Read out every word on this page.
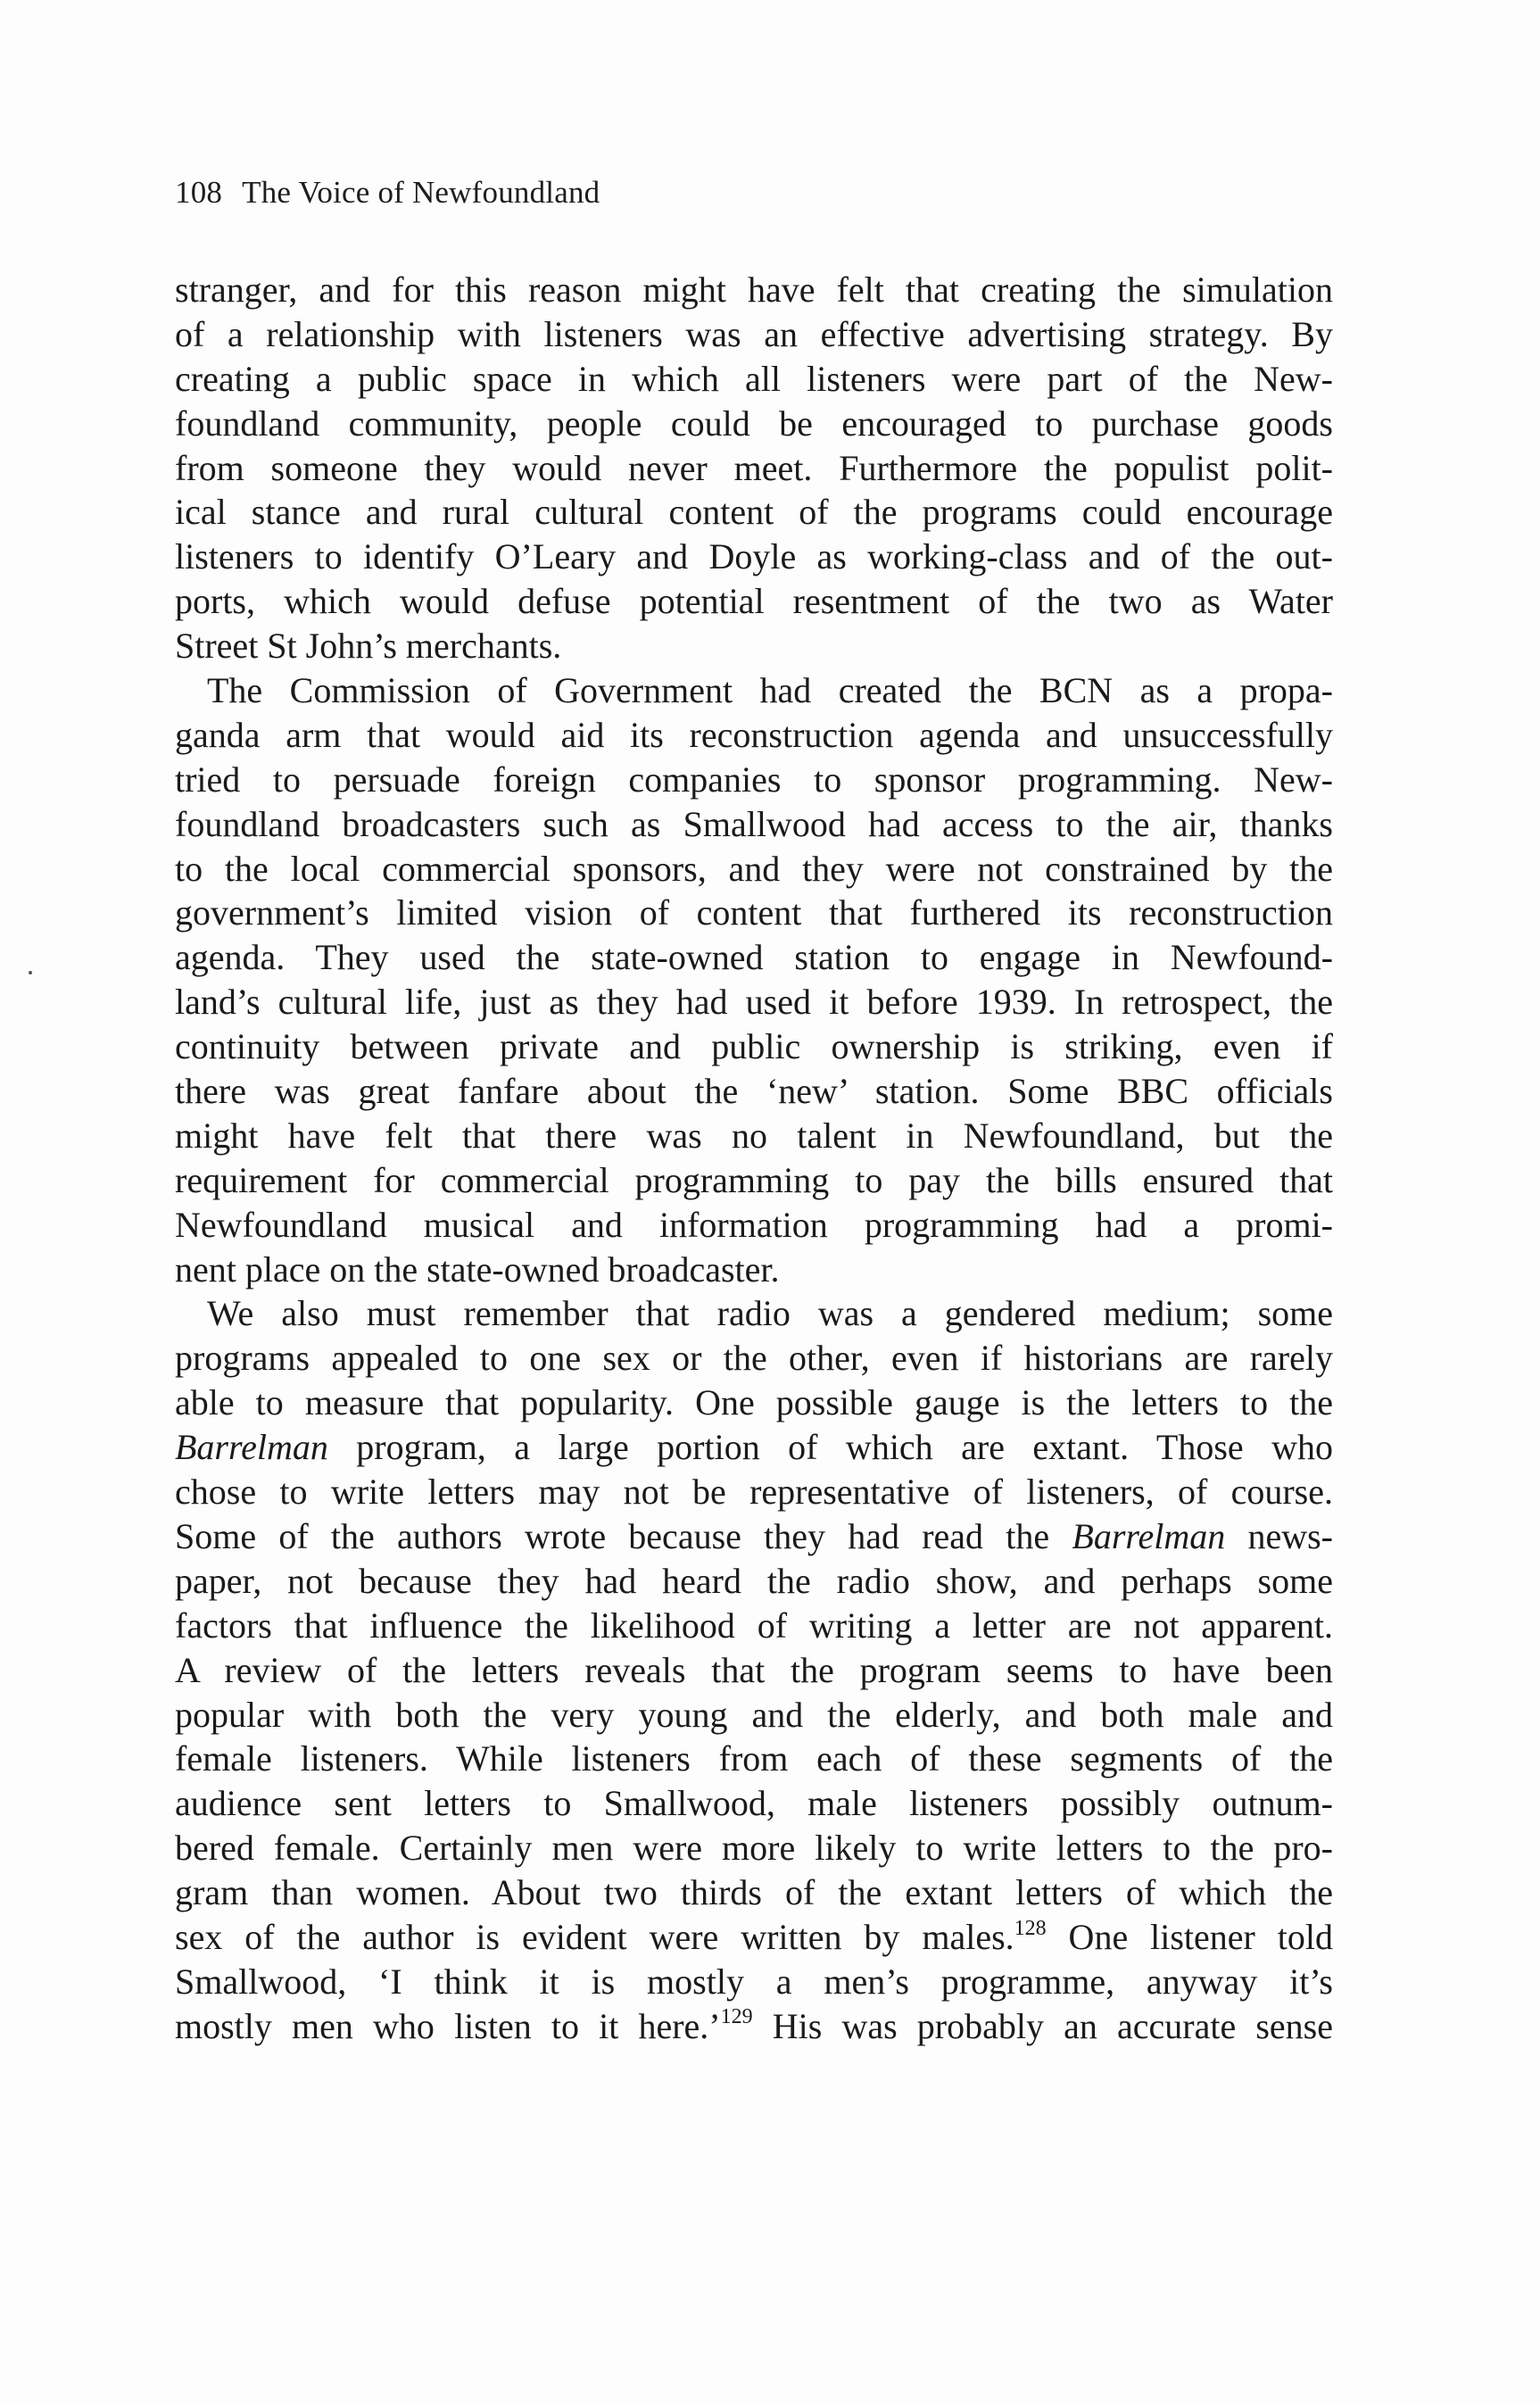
108 The Voice of Newfoundland
stranger, and for this reason might have felt that creating the simulation
of a relationship with listeners was an effective advertising strategy. By
creating a public space in which all listeners were part of the New-
foundland community, people could be encouraged to purchase goods
from someone they would never meet. Furthermore the populist polit-
ical stance and rural cultural content of the programs could encourage
listeners to identify O’Leary and Doyle as working-class and of the out-
ports, which would defuse potential resentment of the two as Water
Street St John’s merchants.
The Commission of Government had created the BCN as a propa-
ganda arm that would aid its reconstruction agenda and unsuccessfully
tried to persuade foreign companies to sponsor programming. New-
foundland broadcasters such as Smallwood had access to the air, thanks
to the local commercial sponsors, and they were not constrained by the
government’s limited vision of content that furthered its reconstruction
agenda. They used the state-owned station to engage in Newfound-
land’s cultural life, just as they had used it before 1939. In retrospect, the
continuity between private and public ownership is striking, even if
there was great fanfare about the ‘new’ station. Some BBC officials
might have felt that there was no talent in Newfoundland, but the
requirement for commercial programming to pay the bills ensured that
Newfoundland musical and information programming had a promi-
nent place on the state-owned broadcaster.
We also must remember that radio was a gendered medium; some
programs appealed to one sex or the other, even if historians are rarely
able to measure that popularity. One possible gauge is the letters to the
Barrelman program, a large portion of which are extant. Those who
chose to write letters may not be representative of listeners, of course.
Some of the authors wrote because they had read the Barrelman news-
paper, not because they had heard the radio show, and perhaps some
factors that influence the likelihood of writing a letter are not apparent.
A review of the letters reveals that the program seems to have been
popular with both the very young and the elderly, and both male and
female listeners. While listeners from each of these segments of the
audience sent letters to Smallwood, male listeners possibly outnum-
bered female. Certainly men were more likely to write letters to the pro-
gram than women. About two thirds of the extant letters of which the
sex of the author is evident were written by males.$^{128}$ One listener told
Smallwood, ‘I think it is mostly a men’s programme, anyway it’s
mostly men who listen to it here.’$^{129}$ His was probably an accurate sense
